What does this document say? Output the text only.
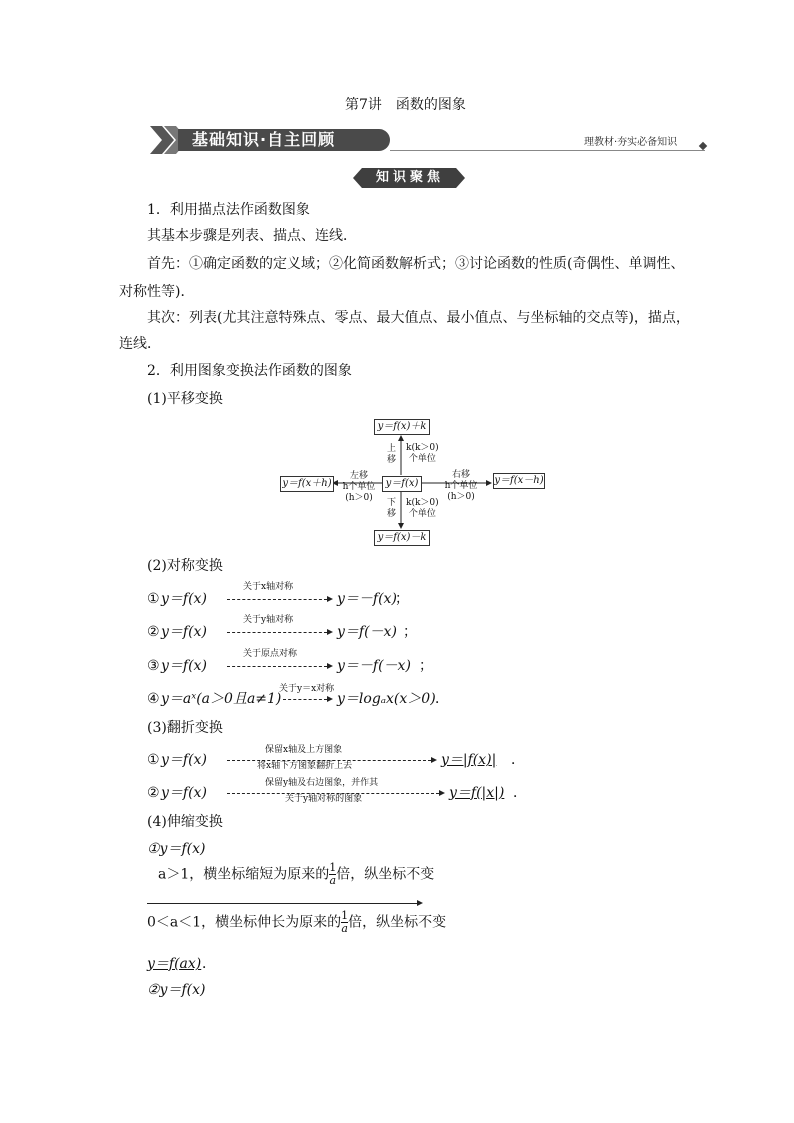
第7讲　函数的图象
基础知识·自主回顾	理教材·夯实必备知识
知识聚焦
1．利用描点法作函数图象
其基本步骤是列表、描点、连线．
首先：①确定函数的定义域；②化简函数解析式；③讨论函数的性质(奇偶性、单调性、
对称性等)．
其次：列表(尤其注意特殊点、零点、最大值点、最小值点、与坐标轴的交点等)，描点，
连线．
2．利用图象变换法作函数的图象
(1)平移变换
y＝f(x)＋k
y＝f(x)
y＝f(x)－k
y＝f(x＋h)	y＝f(x－h)
上
移
k(k＞0)
个单位
下
移
k(k＞0)
个单位
左移
h个单位
(h＞0)
右移
h个单位
(h＞0)
(2)对称变换
① y＝f(x)
关于x轴对称
y＝－f(x)
；
② y＝f(x)
关于y轴对称
y＝f(－x) ；
③ y＝f(x)
关于原点对称
y＝－f(－x) ；
④ y＝aˣ(a＞0且a≠1)
关于y＝x对称
y＝logₐx(x＞0) ．
(3)翻折变换
① y＝f(x)
保留x轴及上方图象
将x轴下方图象翻折上去	y＝|f(x)| ．
② y＝f(x)
保留y轴及右边图象，并作其
关于y轴对称的图象	y＝f(|x|) ．
(4)伸缩变换
①y＝f(x)
a＞1，横坐标缩短为原来的 $\frac{1}{a}$ 倍，纵坐标不变
0＜a＜1，横坐标伸长为原来的 $\frac{1}{a}$ 倍，纵坐标不变
y＝f(ax) ．
②y＝f(x)
